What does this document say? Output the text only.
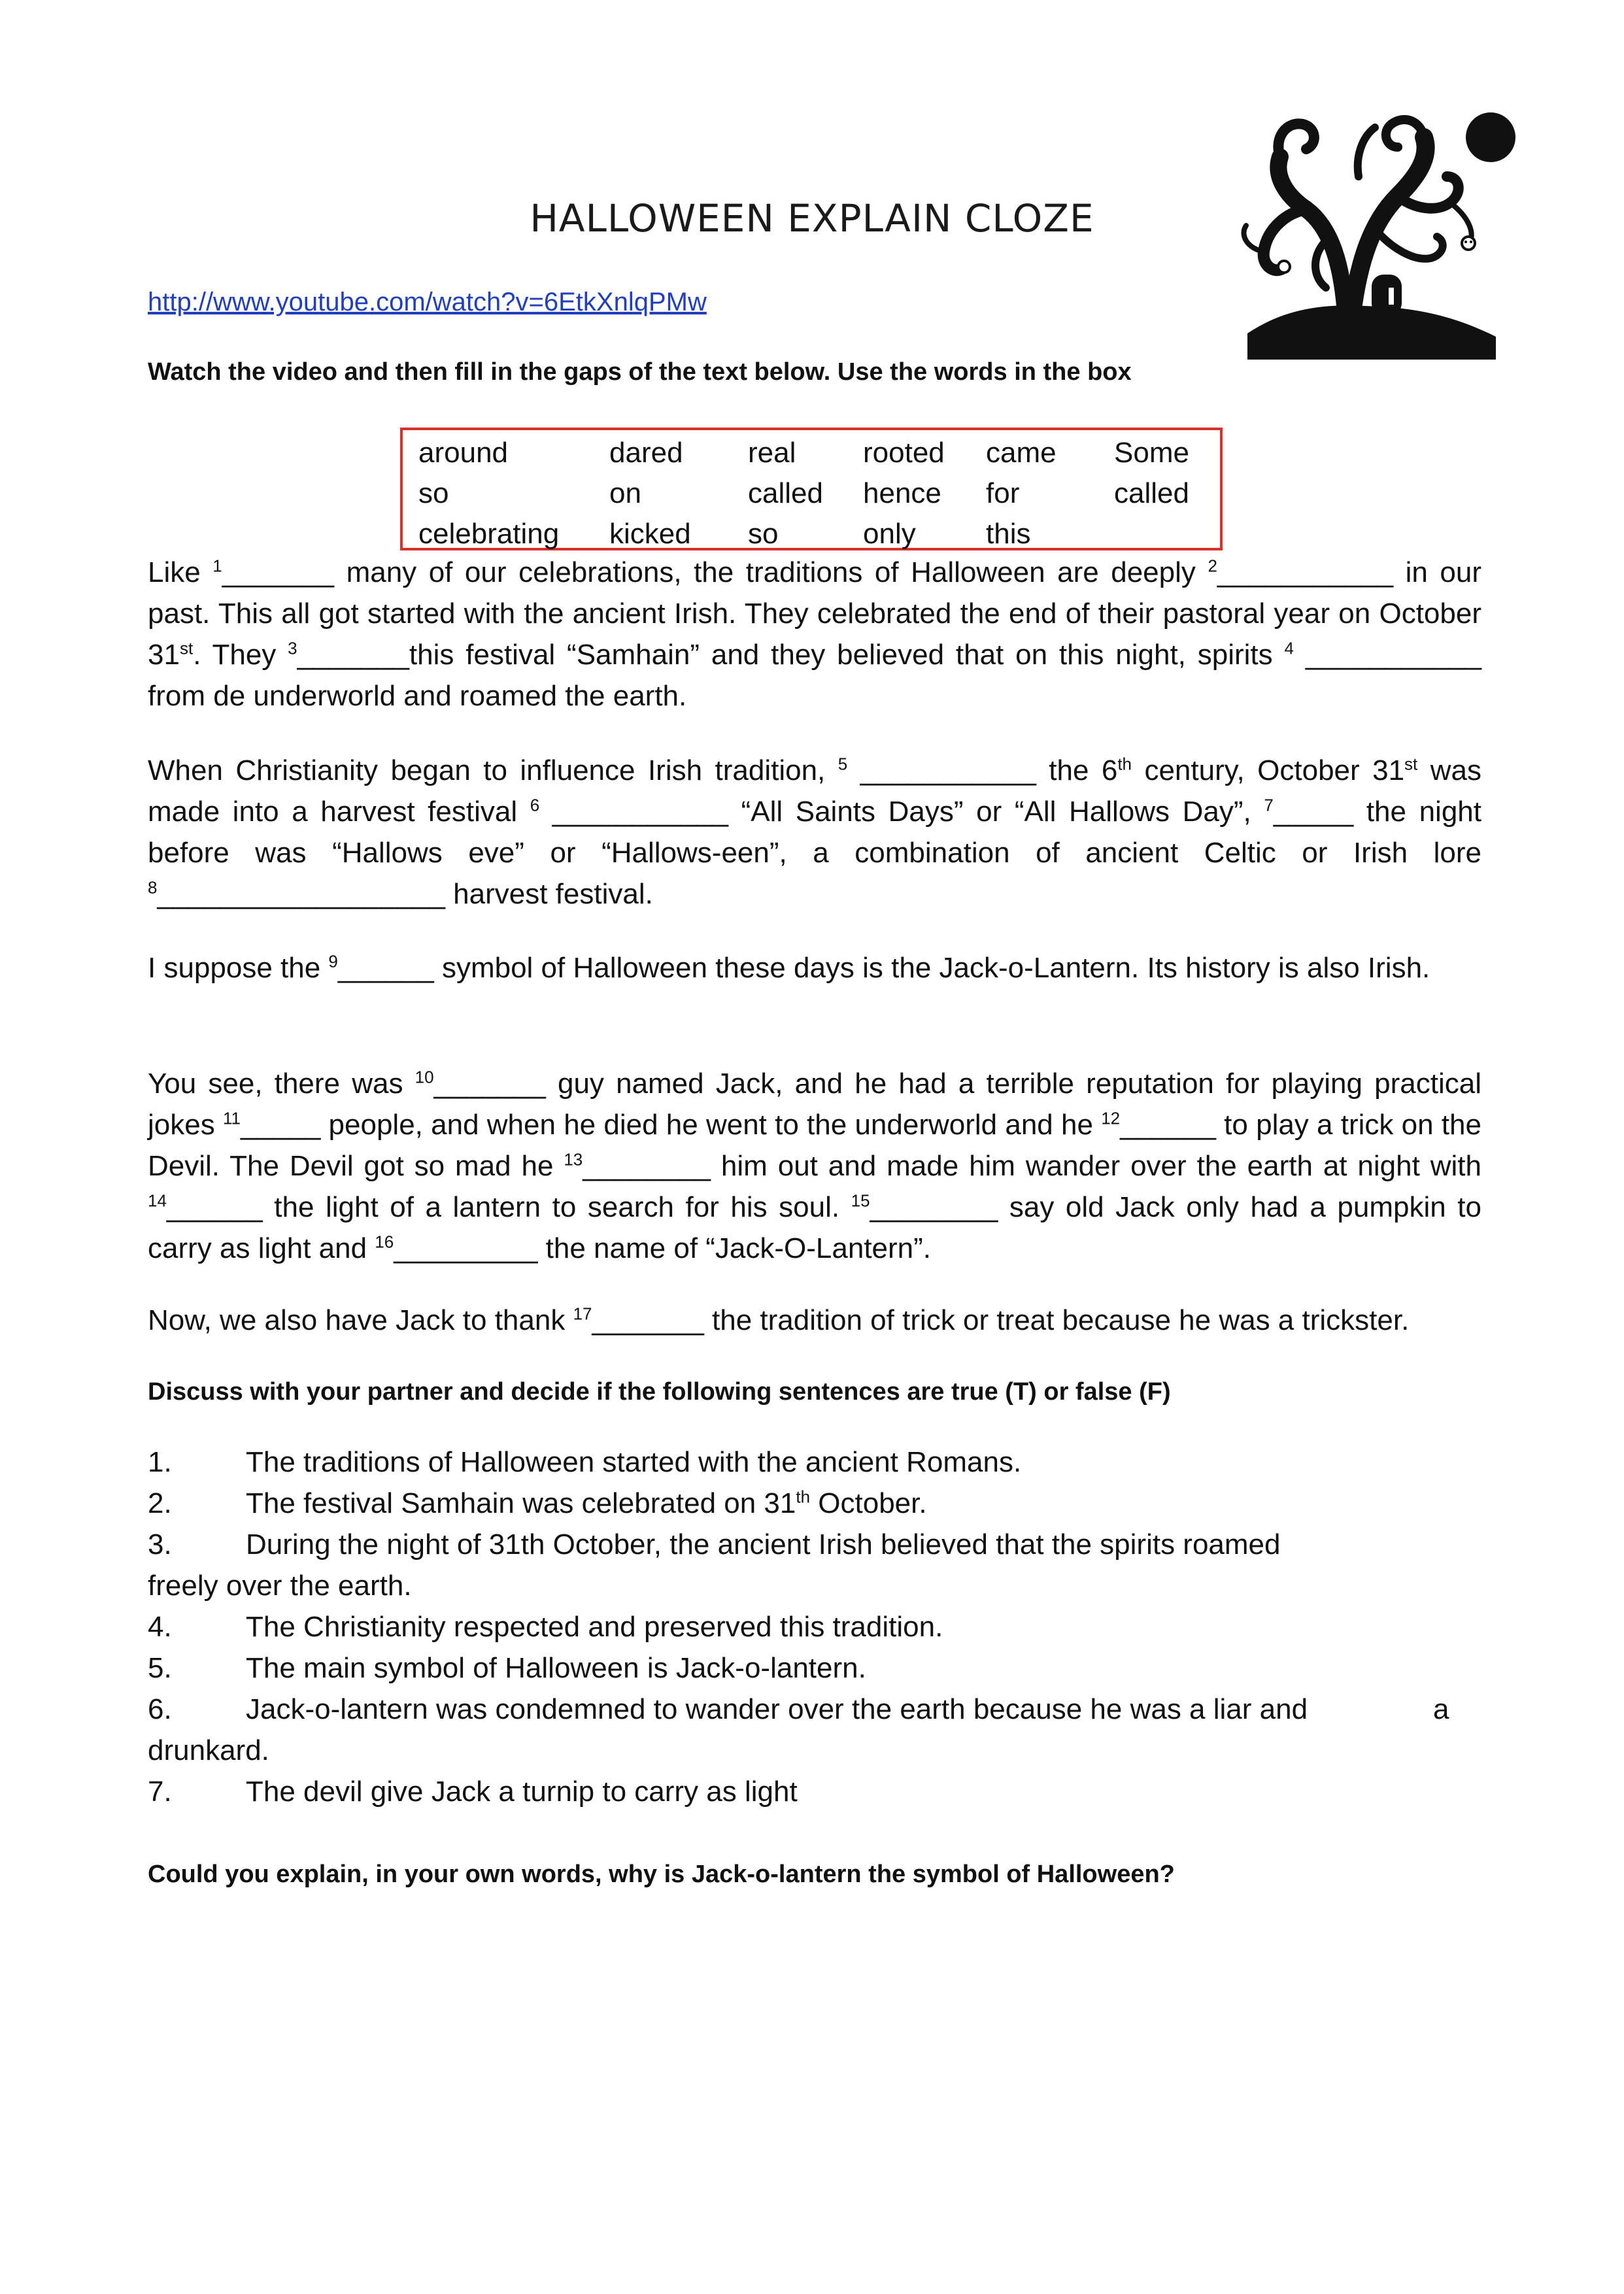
HALLOWEEN EXPLAIN CLOZE
http://www.youtube.com/watch?v=6EtkXnlqPMw
Watch the video and then fill in the gaps of the text below. Use the words in the box
around	dared	real	rooted	came	Some
so	on	called	hence	for	called
celebrating	kicked	so	only	this	
Like $^1$_______ many of our celebrations, the traditions of Halloween are deeply $^2$___________ in our past. This all got started with the ancient Irish. They celebrated the end of their pastoral year on October 31st. They $^3$_______this festival “Samhain” and they believed that on this night, spirits $^4$ ___________ from de underworld and roamed the earth.
When Christianity began to influence Irish tradition, $^5$ ___________ the 6th century, October 31st was made into a harvest festival $^6$ ___________ “All Saints Days” or “All Hallows Day”, $^7$_____ the night before was “Hallows eve” or “Hallows-een”, a combination of ancient Celtic or Irish lore $^8$__________________ harvest festival.
I suppose the $^9$______ symbol of Halloween these days is the Jack-o-Lantern. Its history is also Irish.
You see, there was $^{10}$_______ guy named Jack, and he had a terrible reputation for playing practical jokes $^{11}$_____ people, and when he died he went to the underworld and he $^{12}$______ to play a trick on the Devil. The Devil got so mad he $^{13}$________ him out and made him wander over the earth at night with $^{14}$______ the light of a lantern to search for his soul. $^{15}$________ say old Jack only had a pumpkin to carry as light and $^{16}$_________ the name of “Jack-O-Lantern”.
Now, we also have Jack to thank $^{17}$_______ the tradition of trick or treat because he was a trickster.
Discuss with your partner and decide if the following sentences are true (T) or false (F)
1.	The traditions of Halloween started with the ancient Romans.
2.	The festival Samhain was celebrated on 31th October.
3.	During the night of 31th October, the ancient Irish believed that the spirits roamed
freely over the earth.
4.	The Christianity respected and preserved this tradition.
5.	The main symbol of Halloween is Jack-o-lantern.
6.	Jack-o-lantern was condemned to wander over the earth because he was a liar and	a
drunkard.
7.	The devil give Jack a turnip to carry as light
Could you explain, in your own words, why is Jack-o-lantern the symbol of Halloween?
